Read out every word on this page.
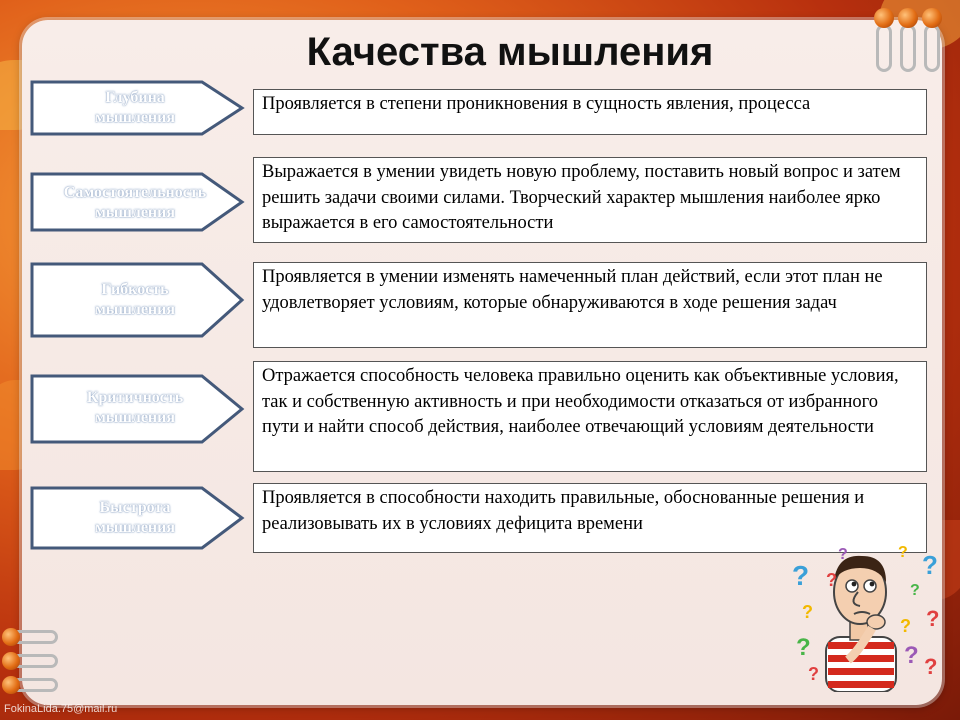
Качества мышления
Глубина
мышления
Проявляется в степени проникновения в сущность явления, процесса
Самостоятельность
мышления
Выражается в умении увидеть новую проблему, поставить новый вопрос и затем решить задачи своими силами. Творческий характер мышления наиболее ярко выражается в его самостоятельности
Гибкость
мышления
Проявляется в умении изменять намеченный план действий, если этот план не удовлетворяет условиям, которые обнаруживаются в ходе решения задач
Критичность
мышления
Отражается способность человека правильно оценить как объективные условия, так и собственную активность и при необходимости отказаться от избранного пути и найти способ действия, наиболее отвечающий условиям деятельности
Быстрота
мышления
Проявляется в способности находить правильные, обоснованные решения и реализовывать их в условиях дефицита времени
? ?
?
?
?
?	? ?
?
?
?
? ?
FokinaLida.75@mail.ru
